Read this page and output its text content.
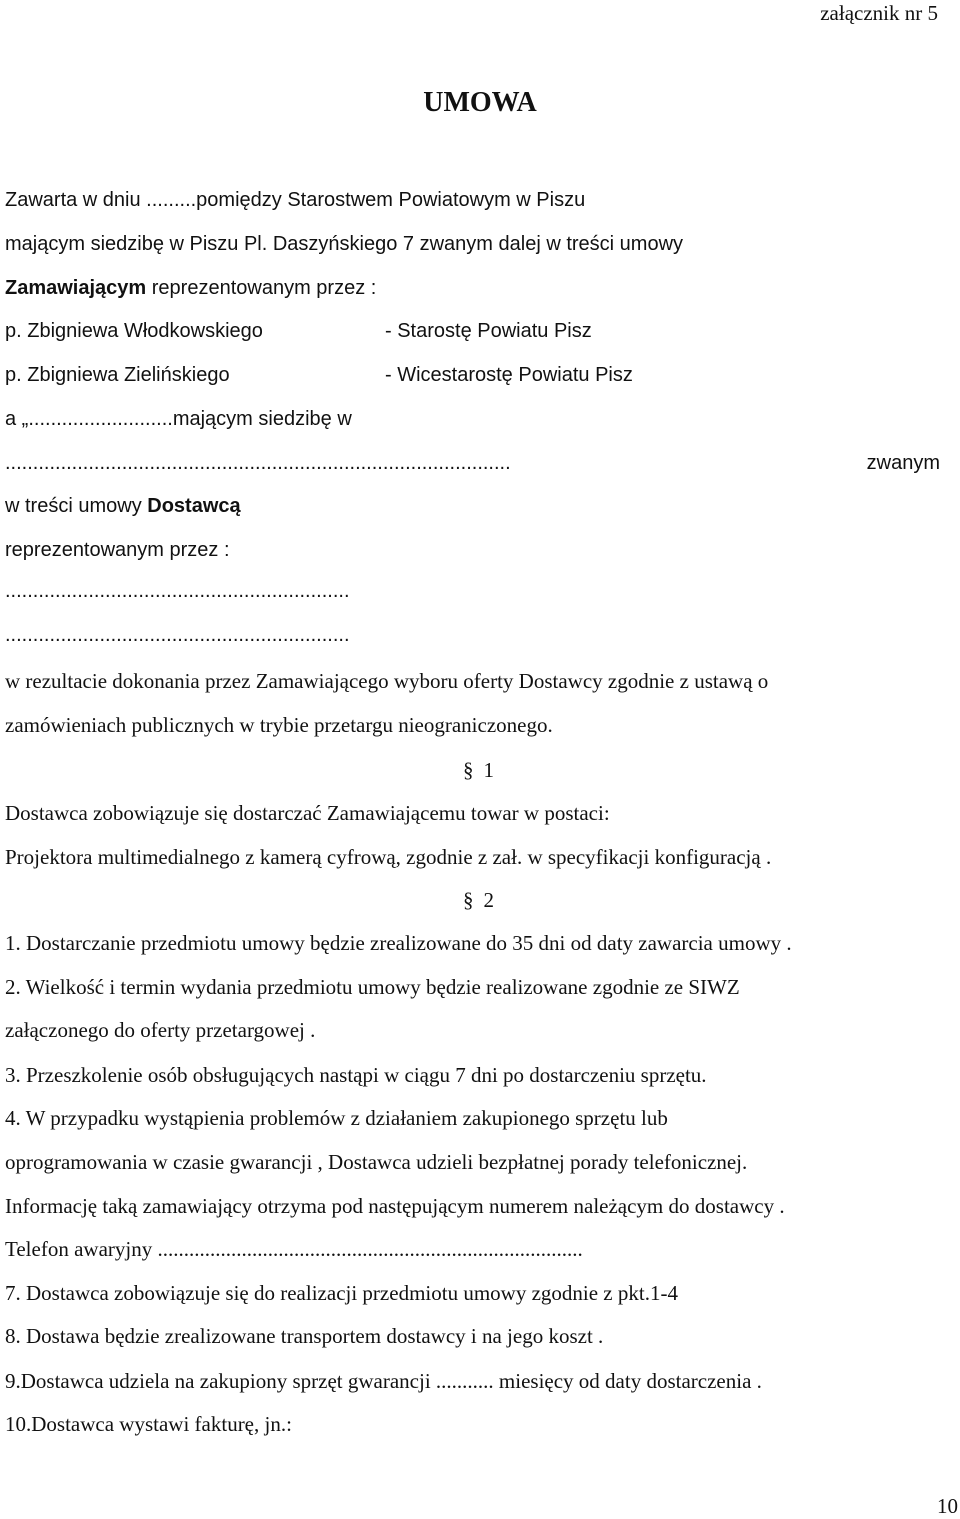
załącznik nr 5
UMOWA
Zawarta w dniu .........pomiędzy Starostwem Powiatowym w Piszu
mającym siedzibę w Piszu Pl. Daszyńskiego 7 zwanym dalej w treści umowy
Zamawiającym reprezentowanym przez :
p. Zbigniewa Włodkowskiego	- Starostę Powiatu Pisz
p. Zbigniewa Zielińskiego	- Wicestarostę Powiatu Pisz
a „..........................mającym siedzibę w
...........................................................................................	zwanym
w treści umowy Dostawcą
reprezentowanym przez :
..............................................................
..............................................................
w rezultacie dokonania przez Zamawiającego wyboru oferty Dostawcy zgodnie z ustawą o
zamówieniach publicznych w trybie przetargu nieograniczonego.
§ 1
Dostawca zobowiązuje się dostarczać Zamawiającemu towar w postaci:
Projektora multimedialnego z kamerą cyfrową, zgodnie z zał. w specyfikacji konfiguracją .
§ 2
1. Dostarczanie przedmiotu umowy będzie zrealizowane do 35 dni od daty zawarcia umowy .
2. Wielkość i termin wydania przedmiotu umowy będzie realizowane zgodnie ze SIWZ
załączonego do oferty przetargowej .
3. Przeszkolenie osób obsługujących nastąpi w ciągu 7 dni po dostarczeniu sprzętu.
4. W przypadku wystąpienia problemów z działaniem zakupionego sprzętu lub
oprogramowania w czasie gwarancji , Dostawca udzieli bezpłatnej porady telefonicznej.
Informację taką zamawiający otrzyma pod następującym numerem należącym do dostawcy .
Telefon awaryjny .................................................................................
7. Dostawca zobowiązuje się do realizacji przedmiotu umowy zgodnie z pkt.1-4
8. Dostawa będzie zrealizowane transportem dostawcy i na jego koszt .
9.Dostawca udziela na zakupiony sprzęt gwarancji ........... miesięcy od daty dostarczenia .
10.Dostawca wystawi fakturę, jn.:
10
